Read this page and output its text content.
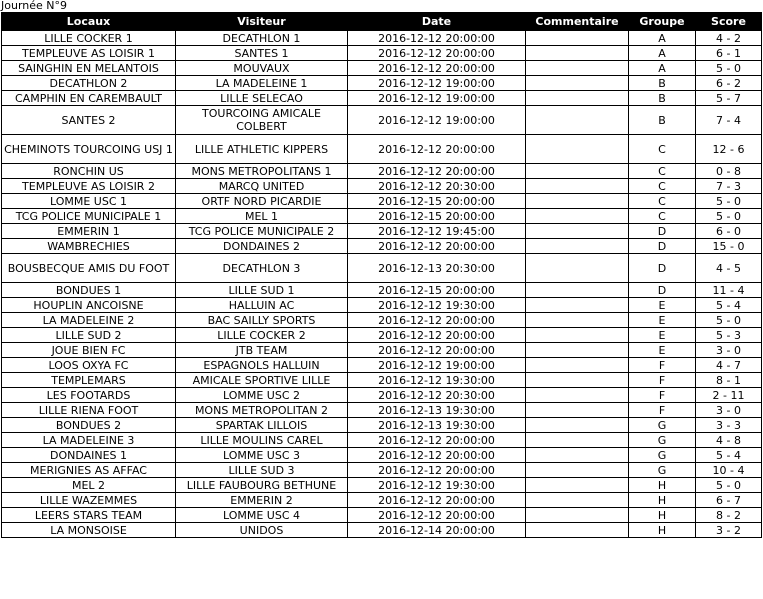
Journée N°9
Locaux	Visiteur	Date	Commentaire	Groupe	Score
LILLE COCKER 1	DECATHLON 1	2016-12-12 20:00:00		A	4 - 2
TEMPLEUVE AS LOISIR 1	SANTES 1	2016-12-12 20:00:00		A	6 - 1
SAINGHIN EN MELANTOIS	MOUVAUX	2016-12-12 20:00:00		A	5 - 0
DECATHLON 2	LA MADELEINE 1	2016-12-12 19:00:00		B	6 - 2
CAMPHIN EN CAREMBAULT	LILLE SELECAO	2016-12-12 19:00:00		B	5 - 7
SANTES 2	TOURCOING AMICALE COLBERT	2016-12-12 19:00:00		B	7 - 4
CHEMINOTS TOURCOING USJ 1	LILLE ATHLETIC KIPPERS	2016-12-12 20:00:00		C	12 - 6
RONCHIN US	MONS METROPOLITANS 1	2016-12-12 20:00:00		C	0 - 8
TEMPLEUVE AS LOISIR 2	MARCQ UNITED	2016-12-12 20:30:00		C	7 - 3
LOMME USC 1	ORTF NORD PICARDIE	2016-12-15 20:00:00		C	5 - 0
TCG POLICE MUNICIPALE 1	MEL 1	2016-12-15 20:00:00		C	5 - 0
EMMERIN 1	TCG POLICE MUNICIPALE 2	2016-12-12 19:45:00		D	6 - 0
WAMBRECHIES	DONDAINES 2	2016-12-12 20:00:00		D	15 - 0
BOUSBECQUE AMIS DU FOOT	DECATHLON 3	2016-12-13 20:30:00		D	4 - 5
BONDUES 1	LILLE SUD 1	2016-12-15 20:00:00		D	11 - 4
HOUPLIN ANCOISNE	HALLUIN AC	2016-12-12 19:30:00		E	5 - 4
LA MADELEINE 2	BAC SAILLY SPORTS	2016-12-12 20:00:00		E	5 - 0
LILLE SUD 2	LILLE COCKER 2	2016-12-12 20:00:00		E	5 - 3
JOUE BIEN FC	JTB TEAM	2016-12-12 20:00:00		E	3 - 0
LOOS OXYA FC	ESPAGNOLS HALLUIN	2016-12-12 19:00:00		F	4 - 7
TEMPLEMARS	AMICALE SPORTIVE LILLE	2016-12-12 19:30:00		F	8 - 1
LES FOOTARDS	LOMME USC 2	2016-12-12 20:30:00		F	2 - 11
LILLE RIENA FOOT	MONS METROPOLITAN 2	2016-12-13 19:30:00		F	3 - 0
BONDUES 2	SPARTAK LILLOIS	2016-12-13 19:30:00		G	3 - 3
LA MADELEINE 3	LILLE MOULINS CAREL	2016-12-12 20:00:00		G	4 - 8
DONDAINES 1	LOMME USC 3	2016-12-12 20:00:00		G	5 - 4
MERIGNIES AS AFFAC	LILLE SUD 3	2016-12-12 20:00:00		G	10 - 4
MEL 2	LILLE FAUBOURG BETHUNE	2016-12-12 19:30:00		H	5 - 0
LILLE WAZEMMES	EMMERIN 2	2016-12-12 20:00:00		H	6 - 7
LEERS STARS TEAM	LOMME USC 4	2016-12-12 20:00:00		H	8 - 2
LA MONSOISE	UNIDOS	2016-12-14 20:00:00		H	3 - 2
